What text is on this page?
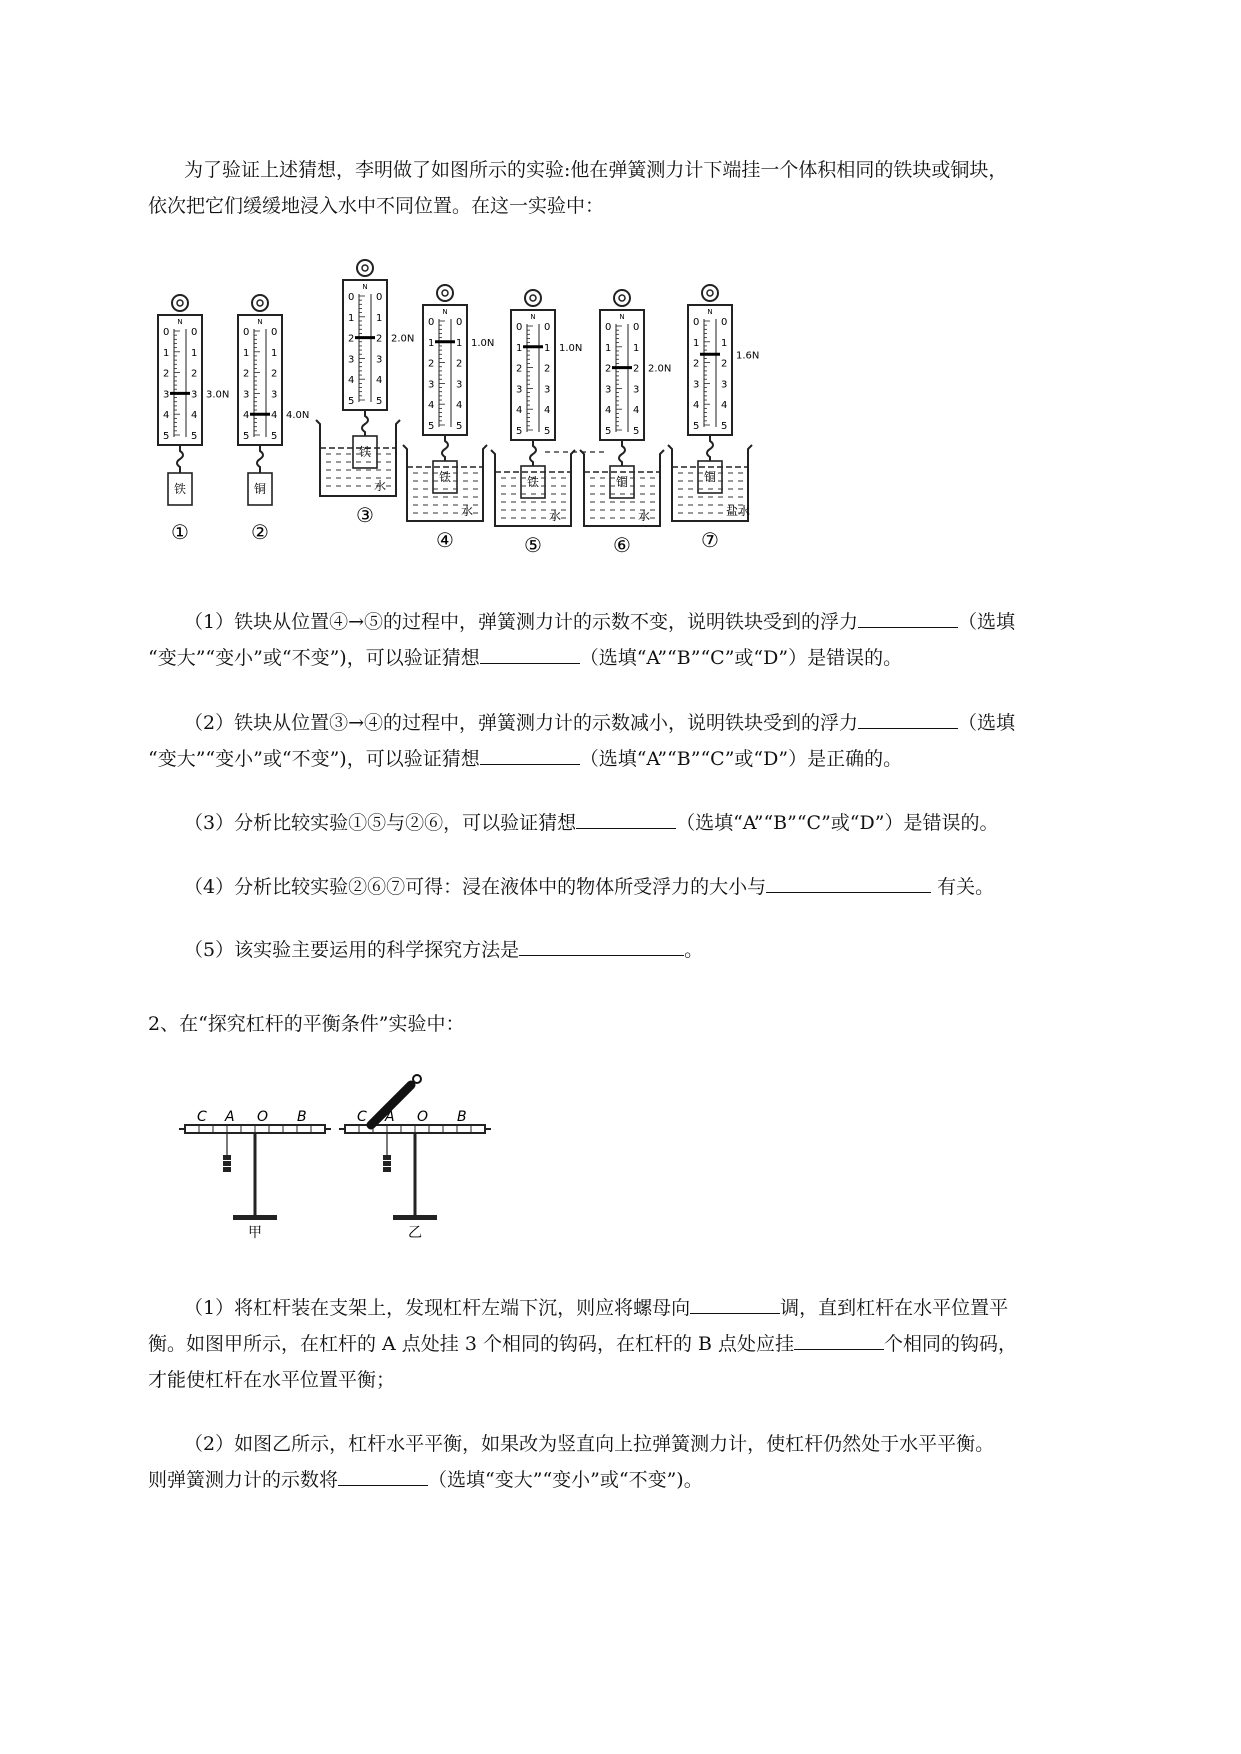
为了验证上述猜想，李明做了如图所示的实验:他在弹簧测力计下端挂一个体积相同的铁块或铜块，

依次把它们缓缓地浸入水中不同位置。在这一实验中：

N
0 0
1 1
2 2
3 3
4 4
5 5
3.0N
铁
①
N
0 0
1 1
2 2
3 3
4 4
5 5
4.0N
铜
②
N
0 0
1 1
2 2
3 3
4 4
5 5
2.0N
铁
水
③
N
0 0
1 1
2 2
3 3
4 4
5 5
1.0N
铁
水
④
N
0 0
1 1
2 2
3 3
4 4
5 5
1.0N
铁
水
⑤
N
0 0
1 1
2 2
3 3
4 4
5 5
2.0N
铜
水
⑥
N
0 0
1 1
2 2
3 3
4 4
5 5
1.6N
铜
盐水
⑦

（1）铁块从位置④→⑤的过程中，弹簧测力计的示数不变，说明铁块受到的浮力	（选填

“变大”“变小”或“不变”)，可以验证猜想	（选填“A”“B”“C”或“D”）是错误的。

（2）铁块从位置③→④的过程中，弹簧测力计的示数减小，说明铁块受到的浮力	（选填

“变大”“变小”或“不变”)，可以验证猜想	（选填“A”“B”“C”或“D”）是正确的。

（3）分析比较实验①⑤与②⑥，可以验证猜想	（选填“A”“B”“C”或“D”）是错误的。

（4）分析比较实验②⑥⑦可得：浸在液体中的物体所受浮力的大小与	有关。

（5）该实验主要运用的科学探究方法是	。

2、在“探究杠杆的平衡条件”实验中：

C A O B
甲
C A O B
乙

（1）将杠杆装在支架上，发现杠杆左端下沉，则应将螺母向	调，直到杠杆在水平位置平

衡。如图甲所示，在杠杆的 A 点处挂 3 个相同的钩码，在杠杆的 B 点处应挂	个相同的钩码，

才能使杠杆在水平位置平衡；

（2）如图乙所示，杠杆水平平衡，如果改为竖直向上拉弹簧测力计，使杠杆仍然处于水平平衡。

则弹簧测力计的示数将	（选填“变大”“变小”或“不变”)。
